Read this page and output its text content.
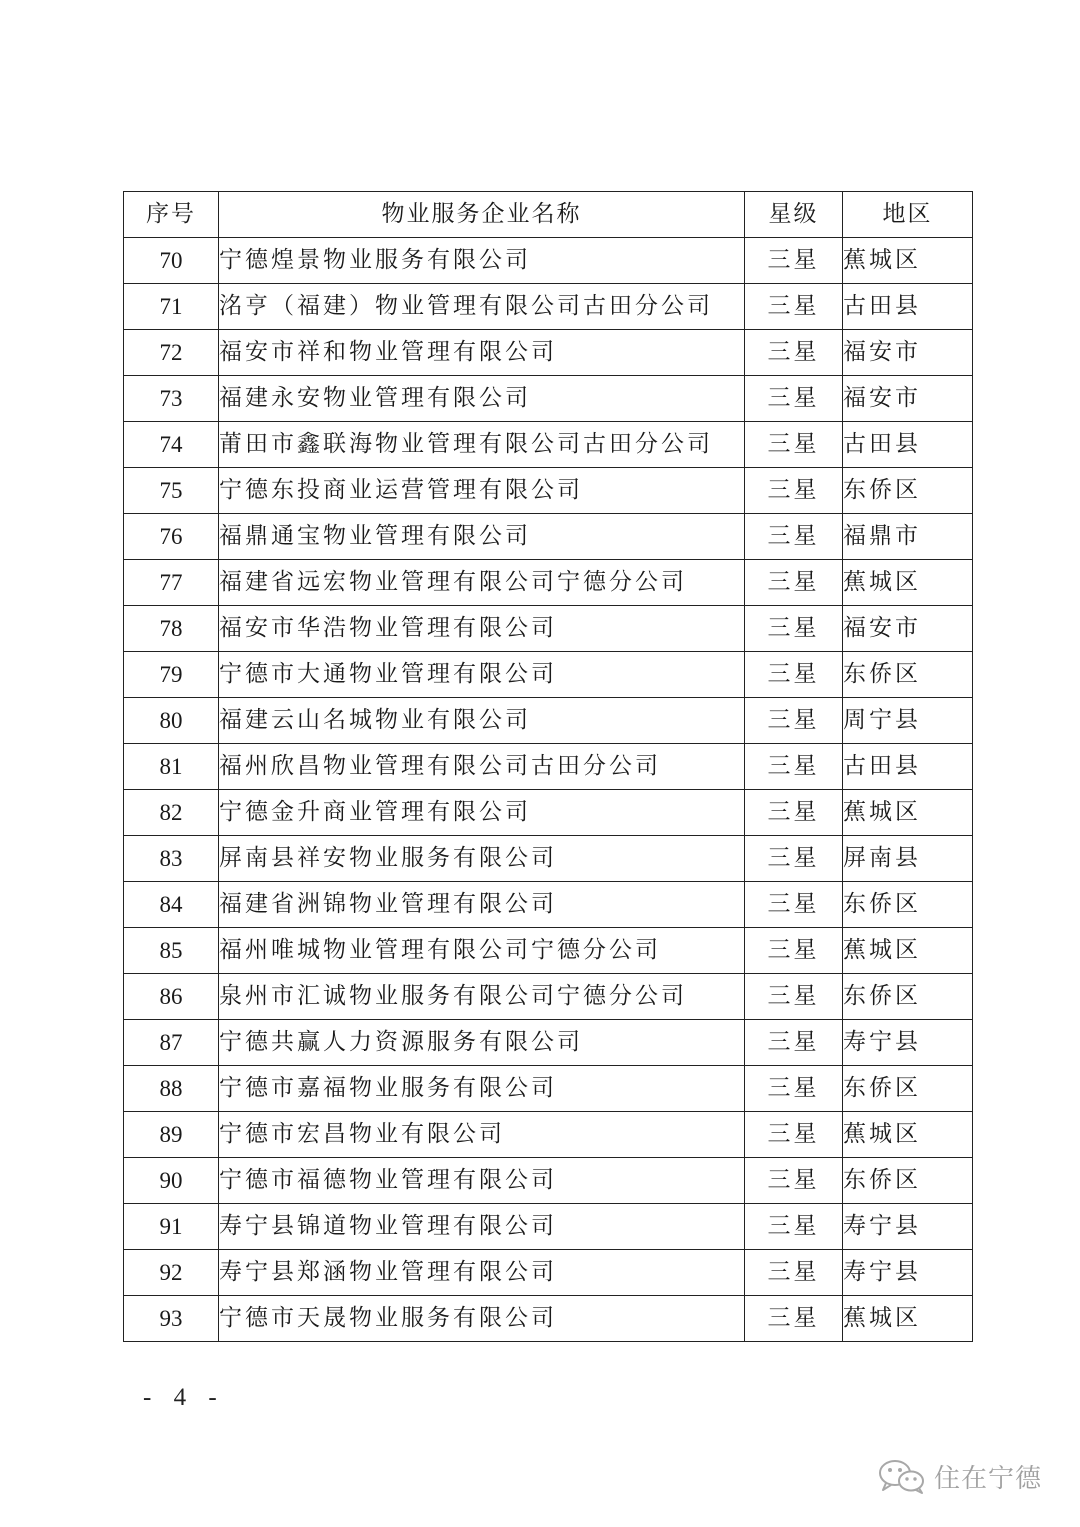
序号	物业服务企业名称	星级	地区
70	宁德煌景物业服务有限公司	三星	蕉城区
71	洺亨（福建）物业管理有限公司古田分公司	三星	古田县
72	福安市祥和物业管理有限公司	三星	福安市
73	福建永安物业管理有限公司	三星	福安市
74	莆田市鑫联海物业管理有限公司古田分公司	三星	古田县
75	宁德东投商业运营管理有限公司	三星	东侨区
76	福鼎通宝物业管理有限公司	三星	福鼎市
77	福建省远宏物业管理有限公司宁德分公司	三星	蕉城区
78	福安市华浩物业管理有限公司	三星	福安市
79	宁德市大通物业管理有限公司	三星	东侨区
80	福建云山名城物业有限公司	三星	周宁县
81	福州欣昌物业管理有限公司古田分公司	三星	古田县
82	宁德金升商业管理有限公司	三星	蕉城区
83	屏南县祥安物业服务有限公司	三星	屏南县
84	福建省洲锦物业管理有限公司	三星	东侨区
85	福州唯城物业管理有限公司宁德分公司	三星	蕉城区
86	泉州市汇诚物业服务有限公司宁德分公司	三星	东侨区
87	宁德共赢人力资源服务有限公司	三星	寿宁县
88	宁德市嘉福物业服务有限公司	三星	东侨区
89	宁德市宏昌物业有限公司	三星	蕉城区
90	宁德市福德物业管理有限公司	三星	东侨区
91	寿宁县锦道物业管理有限公司	三星	寿宁县
92	寿宁县郑涵物业管理有限公司	三星	寿宁县
93	宁德市天晟物业服务有限公司	三星	蕉城区
- 4 -
住在宁德
